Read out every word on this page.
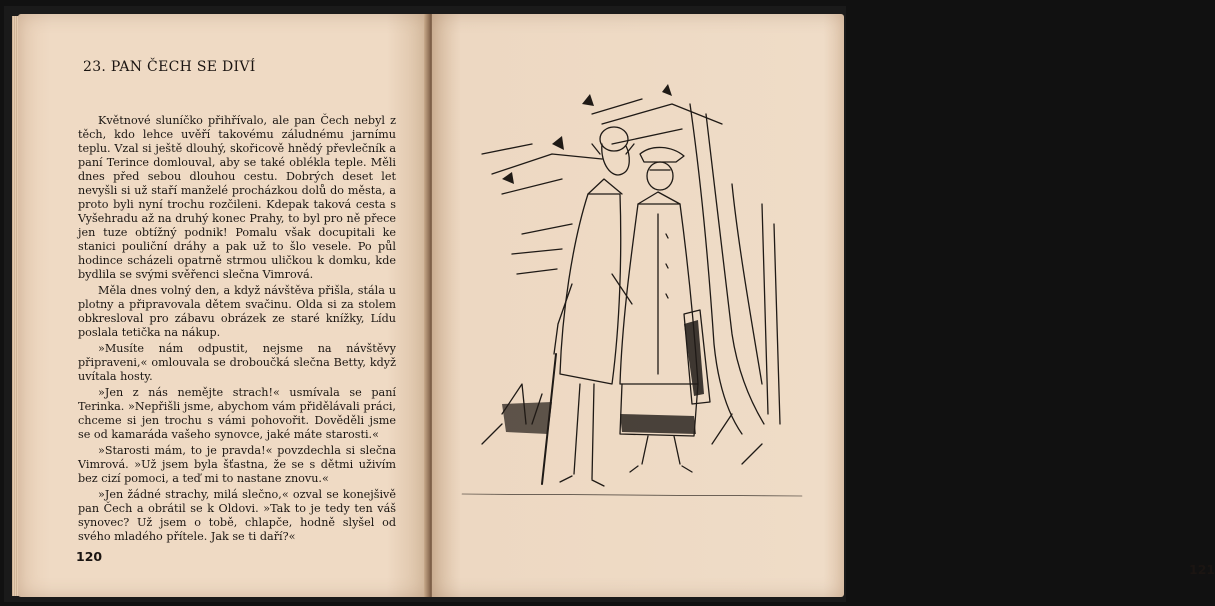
23. PAN ČECH SE DIVÍ

Květnové sluníčko přihřívalo, ale pan Čech nebyl z těch, kdo lehce uvěří takovému záludnému jarnímu teplu. Vzal si ještě dlouhý, skořicově hnědý převlečník a paní Terince domlouval, aby se také oblékla teple. Měli dnes před sebou dlouhou cestu. Dobrých deset let nevyšli si už staří manželé procházkou dolů do města, a proto byli nyní trochu rozčileni. Kdepak taková cesta s Vyšehradu až na druhý konec Prahy, to byl pro ně přece jen tuze obtížný podnik! Pomalu však docupitali ke stanici pouliční dráhy a pak už to šlo vesele. Po půl hodince scházeli opatrně strmou uličkou k domku, kde bydlila se svými svěřenci slečna Vimrová.

Měla dnes volný den, a když návštěva přišla, stála u plotny a připravovala dětem svačinu. Olda si za stolem obkresloval pro zábavu obrázek ze staré knížky, Lídu poslala tetička na nákup.

»Musíte nám odpustit, nejsme na návštěvy připraveni,« omlouvala se droboučká slečna Betty, když uvítala hosty.

»Jen z nás nemějte strach!« usmívala se paní Terinka. »Nepřišli jsme, abychom vám přidělávali práci, chceme si jen trochu s vámi pohovořit. Dověděli jsme se od kamaráda vašeho synovce, jaké máte starosti.«

»Starosti mám, to je pravda!« povzdechla si slečna Vimrová. »Už jsem byla šťastna, že se s dětmi uživím bez cizí pomoci, a teď mi to nastane znovu.«

»Jen žádné strachy, milá slečno,« ozval se konejšivě pan Čech a obrátil se k Oldovi. »Tak to je tedy ten váš synovec? Už jsem o tobě, chlapče, hodně slyšel od svého mladého přítele. Jak se ti daří?«

120
121
